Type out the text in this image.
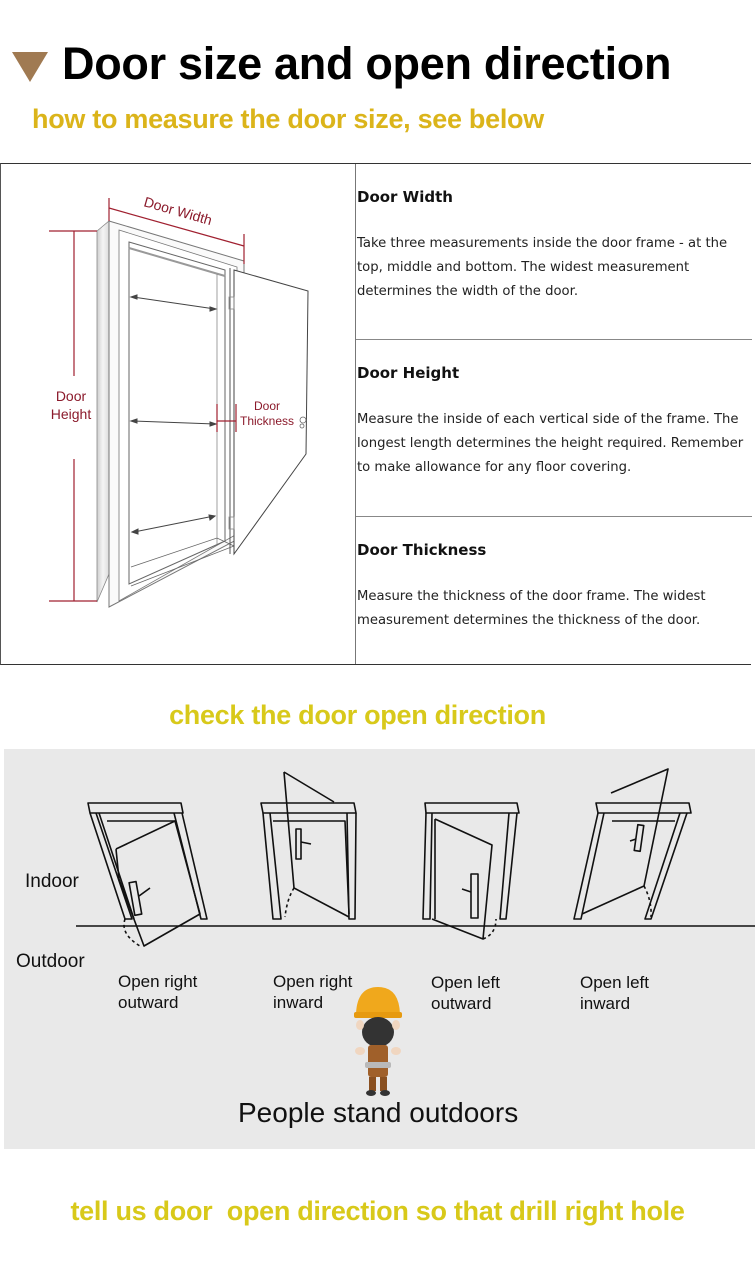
Door size and open direction
how to measure the door size, see below
Door Width
Door
Height	Door
Thickness
Door Width
Take three measurements inside the door frame - at the top, middle and bottom. The widest measurement determines the width of the door.
Door Height
Measure the inside of each vertical side of the frame. The longest length determines the height required. Remember to make allowance for any floor covering.
Door Thickness
Measure the thickness of the door frame. The widest measurement determines the thickness of the door.
check the door open direction
Indoor
Outdoor
Open right
outward
Open right
inward
Open left
outward
Open left
inward
People stand outdoors
tell us door  open direction so that drill right hole
